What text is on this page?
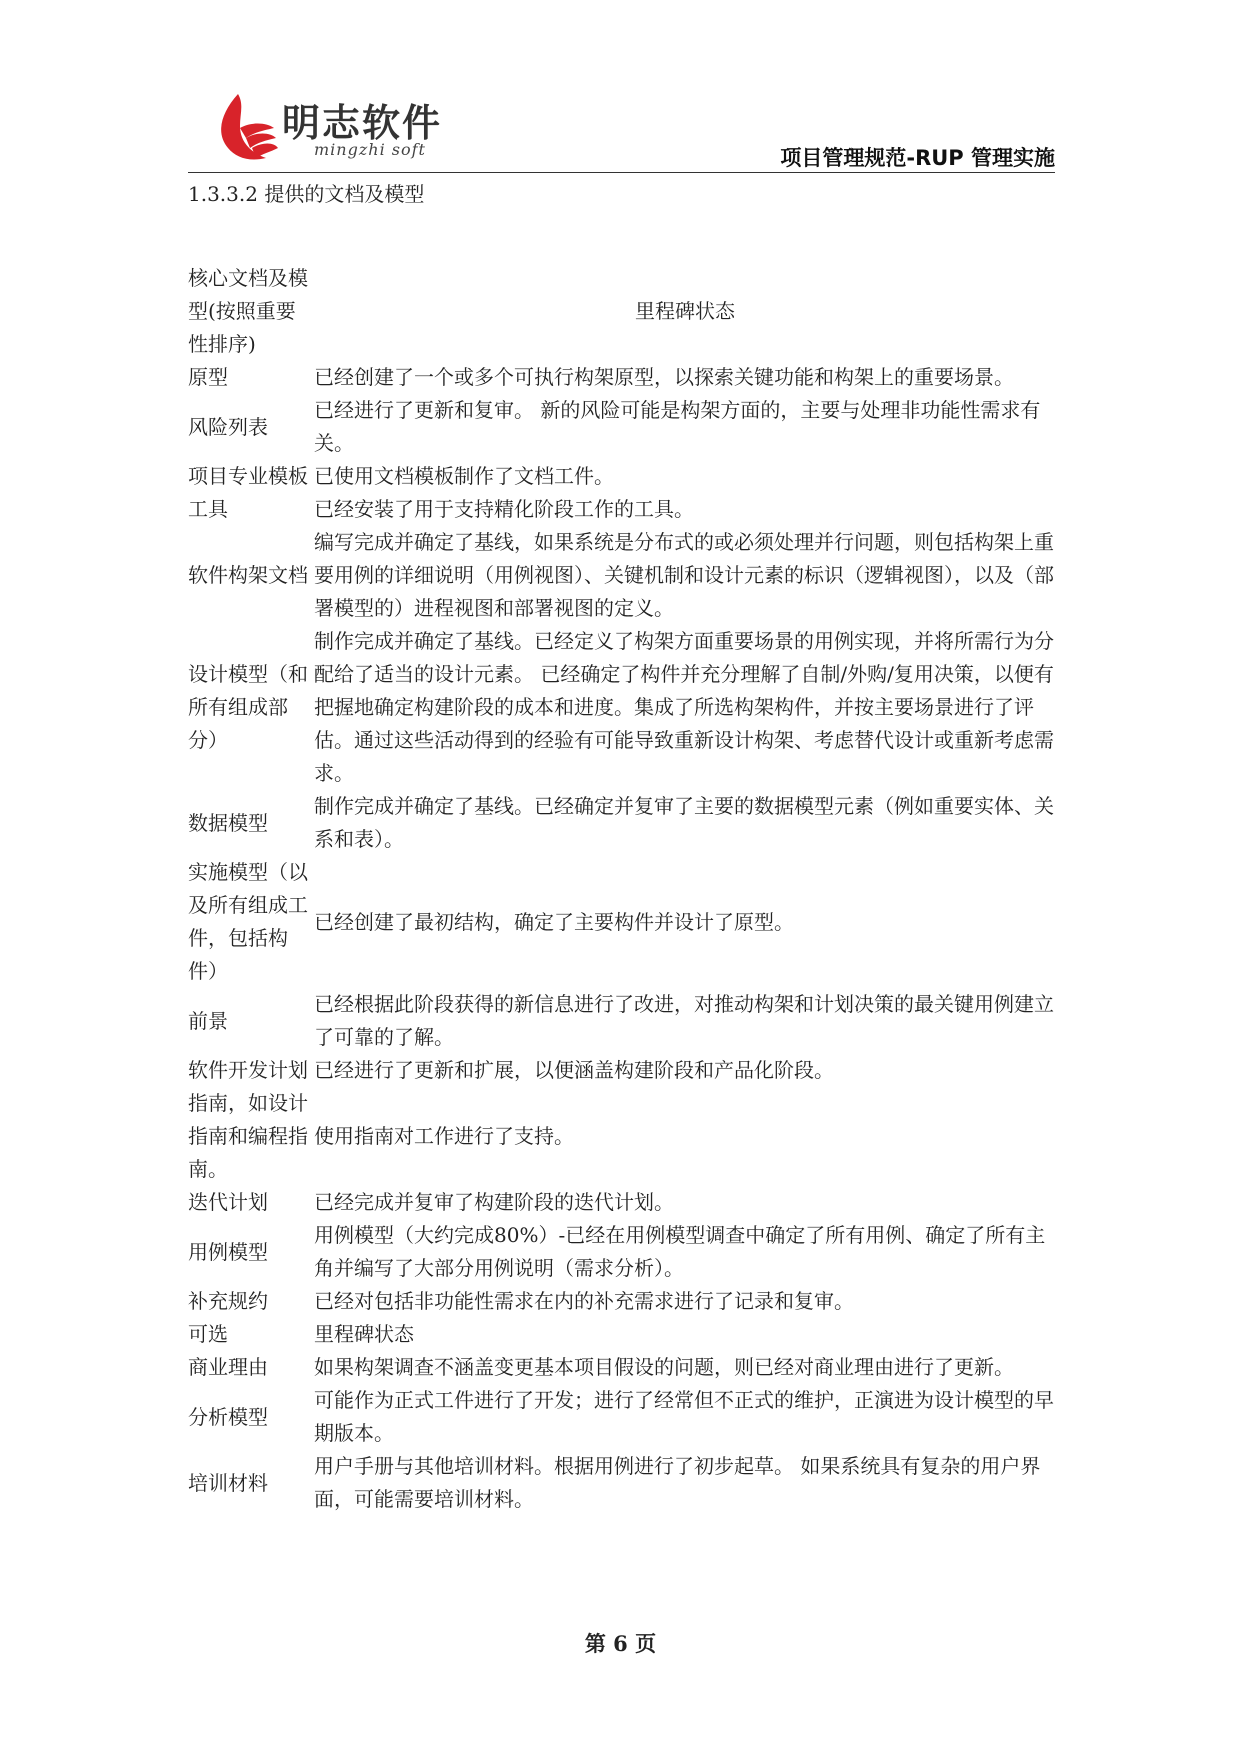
明志软件
mingzhi soft	项目管理规范-RUP 管理实施
1.3.3.2 提供的文档及模型
核心文档及模型(按照重要性排序)	里程碑状态
原型	已经创建了一个或多个可执行构架原型，以探索关键功能和构架上的重要场景。
风险列表	已经进行了更新和复审。 新的风险可能是构架方面的，主要与处理非功能性需求有关。
项目专业模板	已使用文档模板制作了文档工件。
工具	已经安装了用于支持精化阶段工作的工具。
软件构架文档	编写完成并确定了基线，如果系统是分布式的或必须处理并行问题，则包括构架上重要用例的详细说明（用例视图）、关键机制和设计元素的标识（逻辑视图），以及（部署模型的）进程视图和部署视图的定义。
设计模型（和所有组成部分）	制作完成并确定了基线。已经定义了构架方面重要场景的用例实现，并将所需行为分配给了适当的设计元素。 已经确定了构件并充分理解了自制/外购/复用决策，以便有把握地确定构建阶段的成本和进度。集成了所选构架构件，并按主要场景进行了评估。通过这些活动得到的经验有可能导致重新设计构架、考虑替代设计或重新考虑需求。
数据模型	制作完成并确定了基线。已经确定并复审了主要的数据模型元素（例如重要实体、关系和表）。
实施模型（以及所有组成工件，包括构件）	已经创建了最初结构，确定了主要构件并设计了原型。
前景	已经根据此阶段获得的新信息进行了改进，对推动构架和计划决策的最关键用例建立了可靠的了解。
软件开发计划	已经进行了更新和扩展，以便涵盖构建阶段和产品化阶段。
指南，如设计指南和编程指南。	使用指南对工作进行了支持。
迭代计划	已经完成并复审了构建阶段的迭代计划。
用例模型	用例模型（大约完成80%）-已经在用例模型调查中确定了所有用例、确定了所有主角并编写了大部分用例说明（需求分析）。
补充规约	已经对包括非功能性需求在内的补充需求进行了记录和复审。
可选	里程碑状态
商业理由	如果构架调查不涵盖变更基本项目假设的问题，则已经对商业理由进行了更新。
分析模型	可能作为正式工件进行了开发；进行了经常但不正式的维护，正演进为设计模型的早期版本。
培训材料	用户手册与其他培训材料。根据用例进行了初步起草。 如果系统具有复杂的用户界面，可能需要培训材料。
第 6 页
